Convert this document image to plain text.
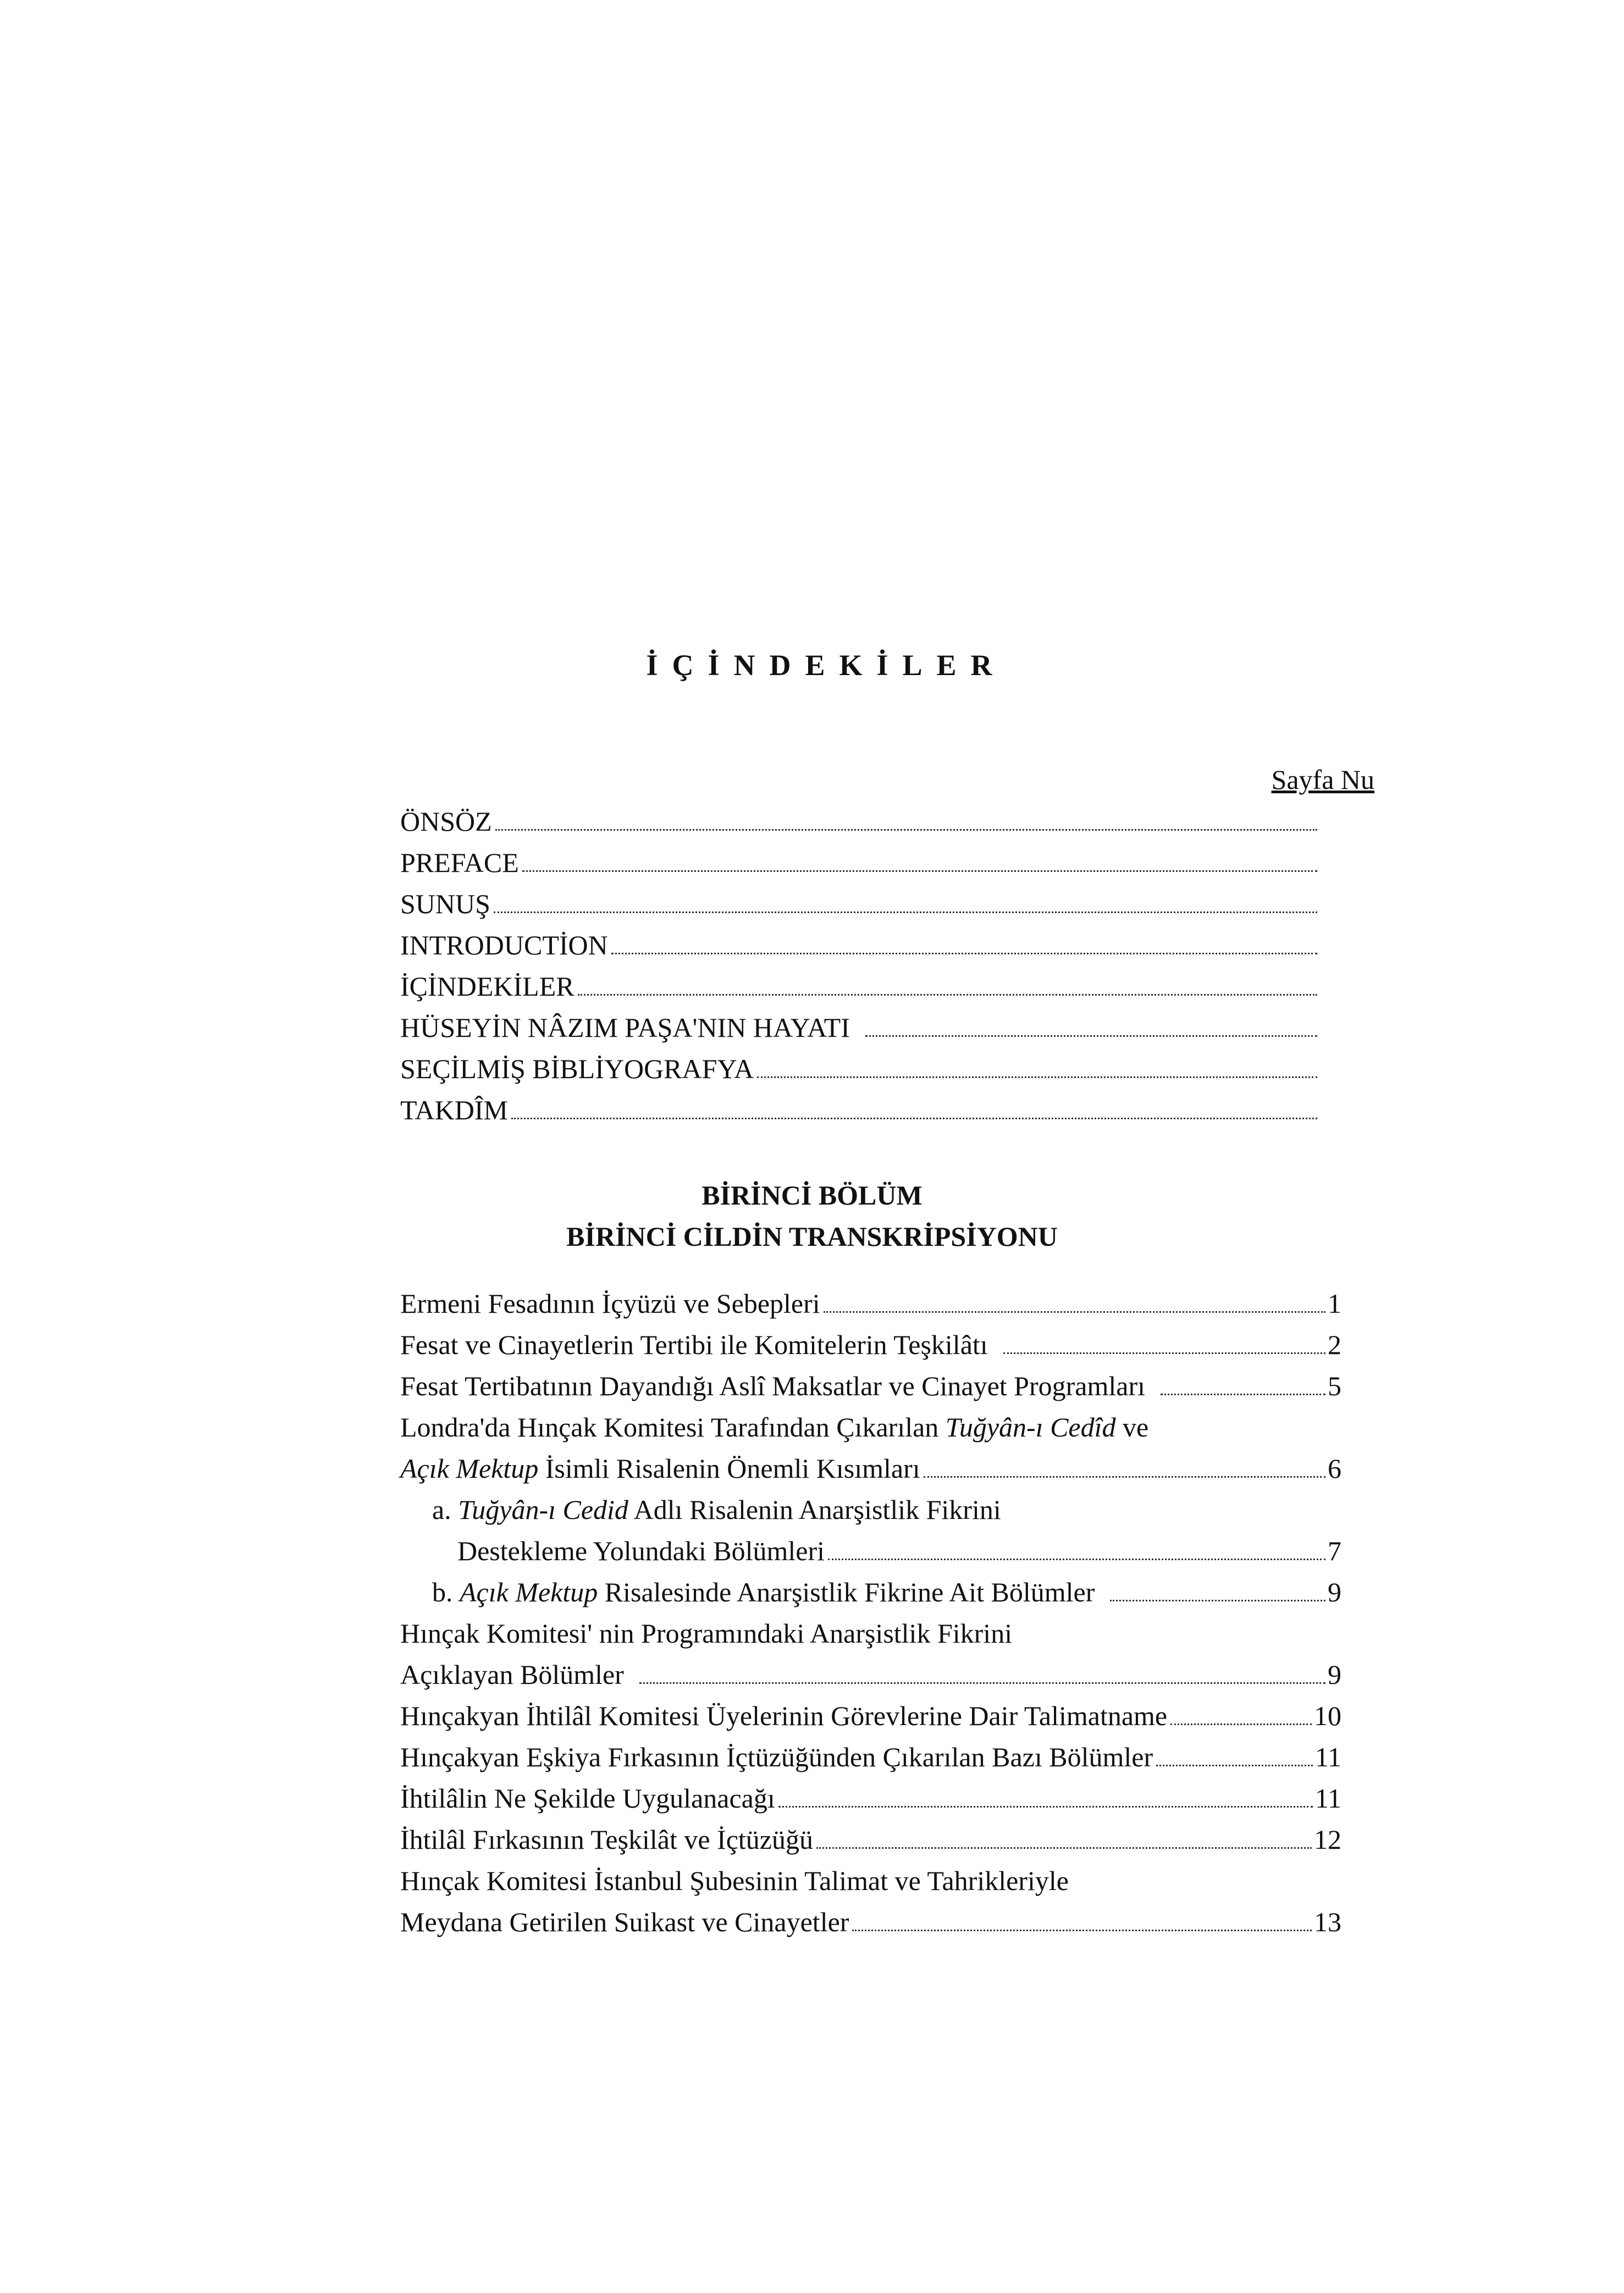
İÇİNDEKİLER
Sayfa Nu
ÖNSÖZ
PREFACE
SUNUŞ
INTRODUCTİON
İÇİNDEKİLER
HÜSEYİN NÂZIM PAŞA'NIN HAYATI
SEÇİLMİŞ BİBLİYOGRAFYA
TAKDÎM
BİRİNCİ BÖLÜM
BİRİNCİ CİLDİN TRANSKRİPSİYONU
Ermeni Fesadının İçyüzü ve Sebepleri	1
Fesat ve Cinayetlerin Tertibi ile Komitelerin Teşkilâtı	2
Fesat Tertibatının Dayandığı Aslî Maksatlar ve Cinayet Programları	5
Londra'da Hınçak Komitesi Tarafından Çıkarılan Tuğyân-ı Cedîd ve
Açık Mektup İsimli Risalenin Önemli Kısımları	6
a. Tuğyân-ı Cedid Adlı Risalenin Anarşistlik Fikrini
Destekleme Yolundaki Bölümleri	7
b. Açık Mektup Risalesinde Anarşistlik Fikrine Ait Bölümler	9
Hınçak Komitesi' nin Programındaki Anarşistlik Fikrini
Açıklayan Bölümler	9
Hınçakyan İhtilâl Komitesi Üyelerinin Görevlerine Dair Talimatname	10
Hınçakyan Eşkiya Fırkasının İçtüzüğünden Çıkarılan Bazı Bölümler	11
İhtilâlin Ne Şekilde Uygulanacağı	11
İhtilâl Fırkasının Teşkilât ve İçtüzüğü	12
Hınçak Komitesi İstanbul Şubesinin Talimat ve Tahrikleriyle
Meydana Getirilen Suikast ve Cinayetler	13
